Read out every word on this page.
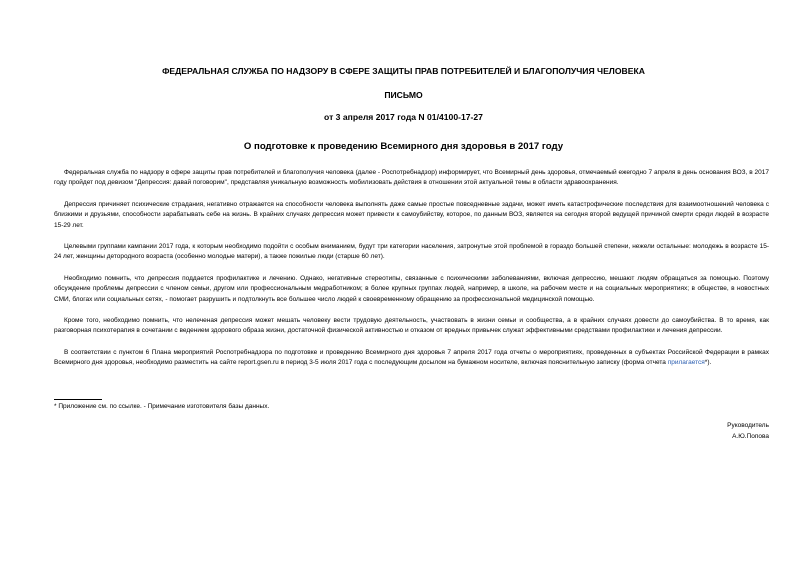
ФЕДЕРАЛЬНАЯ СЛУЖБА ПО НАДЗОРУ В СФЕРЕ ЗАЩИТЫ ПРАВ ПОТРЕБИТЕЛЕЙ И БЛАГОПОЛУЧИЯ ЧЕЛОВЕКА
ПИСЬМО
от 3 апреля 2017 года N 01/4100-17-27
О подготовке к проведению Всемирного дня здоровья в 2017 году

Федеральная служба по надзору в сфере защиты прав потребителей и благополучия человека (далее - Роспотребнадзор) информирует, что Всемирный день здоровья, отмечаемый ежегодно 7 апреля в день основания ВОЗ, в 2017 году пройдет под девизом "Депрессия: давай поговорим", представляя уникальную возможность мобилизовать действия в отношении этой актуальной темы в области здравоохранения.

Депрессия причиняет психические страдания, негативно отражается на способности человека выполнять даже самые простые повседневные задачи, может иметь катастрофические последствия для взаимоотношений человека с близкими и друзьями, способности зарабатывать себе на жизнь. В крайних случаях депрессия может привести к самоубийству, которое, по данным ВОЗ, является на сегодня второй ведущей причиной смерти среди людей в возрасте 15-29 лет.

Целевыми группами кампании 2017 года, к которым необходимо подойти с особым вниманием, будут три категории населения, затронутые этой проблемой в гораздо большей степени, нежели остальные: молодежь в возрасте 15-24 лет, женщины детородного возраста (особенно молодые матери), а также пожилые люди (старше 60 лет).

Необходимо помнить, что депрессия поддается профилактике и лечению. Однако, негативные стереотипы, связанные с психическими заболеваниями, включая депрессию, мешают людям обращаться за помощью. Поэтому обсуждение проблемы депрессии с членом семьи, другом или профессиональным медработником; в более крупных группах людей, например, в школе, на рабочем месте и на социальных мероприятиях; в обществе, в новостных СМИ, блогах или социальных сетях, - помогает разрушить и подтолкнуть все большее число людей к своевременному обращению за профессиональной медицинской помощью.

Кроме того, необходимо помнить, что нелеченая депрессия может мешать человеку вести трудовую деятельность, участвовать в жизни семьи и сообщества, а в крайних случаях довести до самоубийства. В то время, как разговорная психотерапия в сочетании с ведением здорового образа жизни, достаточной физической активностью и отказом от вредных привычек служат эффективными средствами профилактики и лечения депрессии.

В соответствии с пунктом 6 Плана мероприятий Роспотребнадзора по подготовке и проведению Всемирного дня здоровья 7 апреля 2017 года отчеты о мероприятиях, проведенных в субъектах Российской Федерации в рамках Всемирного дня здоровья, необходимо разместить на сайте report.gsen.ru в период 3-5 июля 2017 года с последующим досылом на бумажном носителе, включая пояснительную записку (форма отчета прилагается*).

* Приложение см. по ссылке. - Примечание изготовителя базы данных.
Руководитель
А.Ю.Попова
